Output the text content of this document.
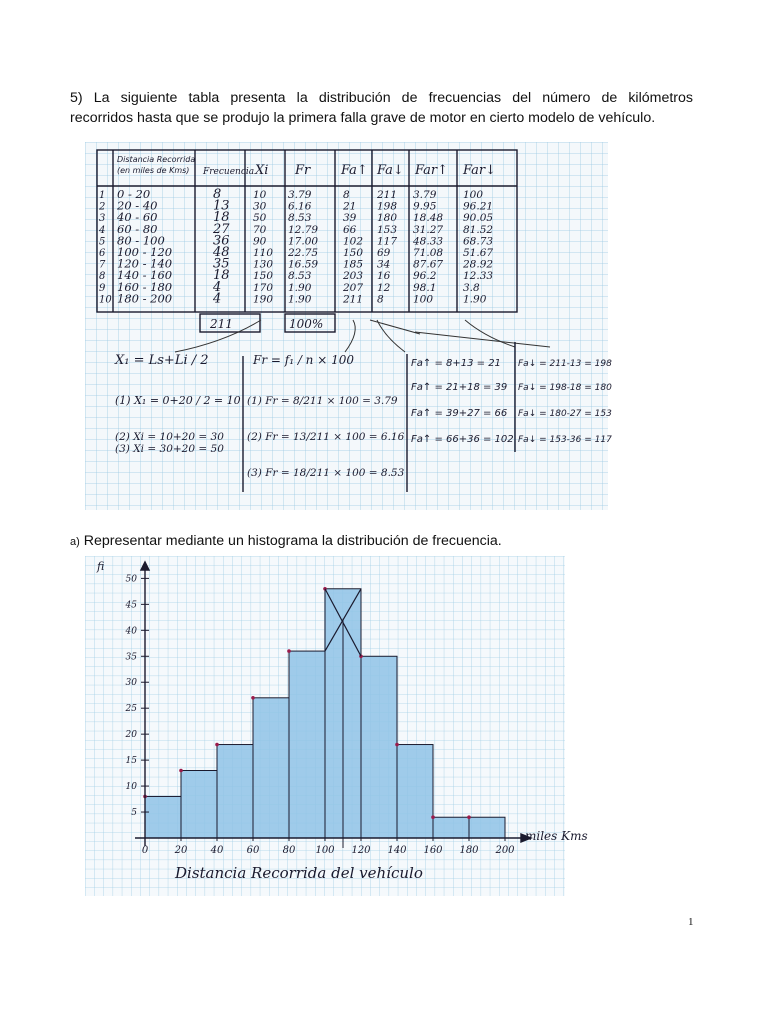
5) La siguiente tabla presenta la distribución de frecuencias del número de kilómetros
recorridos hasta que se produjo la primera falla grave de motor en cierto modelo de vehículo.
Distancia Recorrida (en miles de Kms)	Frecuencia Xi Fr Fa↑ Fa↓ Far↑ Far↓
1 0 - 20	8	10 3.79	8	211 3.79	100
2 20 - 40	13 30 6.16	21 198 9.95	96.21
3 40 - 60	18 50 8.53	39 180 18.48 90.05
4 60 - 80	27 70 12.79 66 153 31.27 81.52
5 80 - 100	36 90 17.00 102 117 48.33 68.73
6 100 - 120	48 110 22.75 150 69 71.08 51.67
7 120 - 140	35 130 16.59 185 34 87.67 28.92
8 140 - 160	18 150 8.53	203 16 96.2	12.33
9 160 - 180	4	170 1.90	207 12 98.1	3.8
10 180 - 200	4	190 1.90	211 8	100	1.90
211	100%
X₁ = Ls+Li / 2
(1) X₁ = 0+20 / 2 = 10
(2) Xi = 10+20 = 30
(3) Xi = 30+20 = 50
Fr = f₁ / n × 100
(1) Fr = 8/211 × 100 = 3.79
(2) Fr = 13/211 × 100 = 6.16
(3) Fr = 18/211 × 100 = 8.53
Fa↑ = 8+13 = 21
Fa↑ = 21+18 = 39
Fa↑ = 39+27 = 66
Fa↑ = 66+36 = 102
Fa↓ = 211-13 = 198
Fa↓ = 198-18 = 180
Fa↓ = 180-27 = 153
Fa↓ = 153-36 = 117
a) Representar mediante un histograma la distribución de frecuencia.
5
10
15
20
25
30
35
40
45
50
0	20 40 60 80 100 120 140 160 180 200
fi
miles Kms
Distancia Recorrida del vehículo
1
